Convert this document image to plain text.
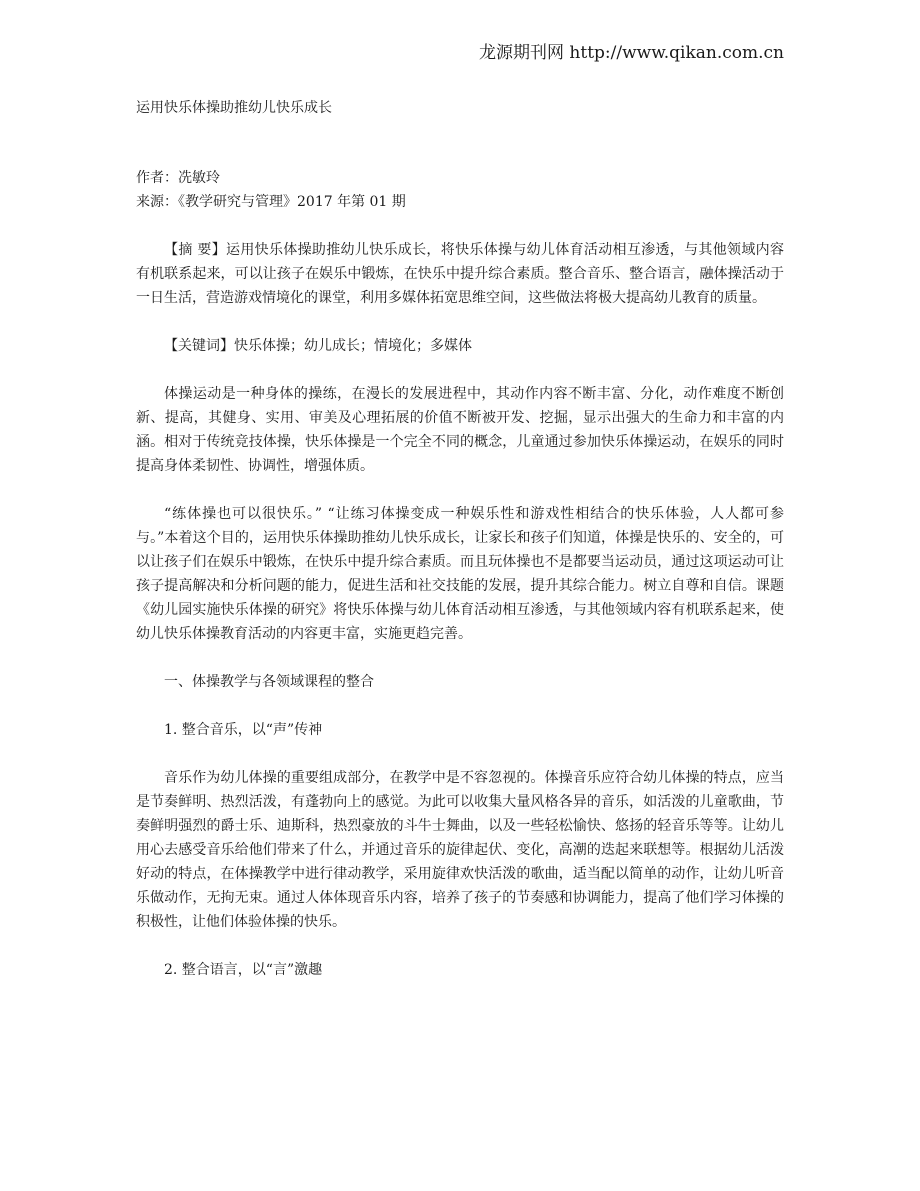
龙源期刊网 http://www.qikan.com.cn

运用快乐体操助推幼儿快乐成长

作者：冼敏玲

来源：《教学研究与管理》2017 年第 01 期

【摘 要】运用快乐体操助推幼儿快乐成长，将快乐体操与幼儿体育活动相互渗透，与其他领域内容有机联系起来，可以让孩子在娱乐中锻炼，在快乐中提升综合素质。整合音乐、整合语言，融体操活动于一日生活，营造游戏情境化的课堂，利用多媒体拓宽思维空间，这些做法将极大提高幼儿教育的质量。

【关键词】快乐体操；幼儿成长；情境化；多媒体

体操运动是一种身体的操练，在漫长的发展进程中，其动作内容不断丰富、分化，动作难度不断创新、提高，其健身、实用、审美及心理拓展的价值不断被开发、挖掘，显示出强大的生命力和丰富的内涵。相对于传统竞技体操，快乐体操是一个完全不同的概念，儿童通过参加快乐体操运动，在娱乐的同时提高身体柔韧性、协调性，增强体质。

“练体操也可以很快乐。” “让练习体操变成一种娱乐性和游戏性相结合的快乐体验，人人都可参与。”本着这个目的，运用快乐体操助推幼儿快乐成长，让家长和孩子们知道，体操是快乐的、安全的，可以让孩子们在娱乐中锻炼，在快乐中提升综合素质。而且玩体操也不是都要当运动员，通过这项运动可让孩子提高解决和分析问题的能力，促进生活和社交技能的发展，提升其综合能力。树立自尊和自信。课题《幼儿园实施快乐体操的研究》将快乐体操与幼儿体育活动相互渗透，与其他领域内容有机联系起来，使幼儿快乐体操教育活动的内容更丰富，实施更趋完善。

一、体操教学与各领域课程的整合

1. 整合音乐，以“声”传神

音乐作为幼儿体操的重要组成部分，在教学中是不容忽视的。体操音乐应符合幼儿体操的特点，应当是节奏鲜明、热烈活泼，有蓬勃向上的感觉。为此可以收集大量风格各异的音乐，如活泼的儿童歌曲，节奏鲜明强烈的爵士乐、迪斯科，热烈豪放的斗牛士舞曲，以及一些轻松愉快、悠扬的轻音乐等等。让幼儿用心去感受音乐给他们带来了什么，并通过音乐的旋律起伏、变化，高潮的迭起来联想等。根据幼儿活泼好动的特点，在体操教学中进行律动教学，采用旋律欢快活泼的歌曲，适当配以简单的动作，让幼儿听音乐做动作，无拘无束。通过人体体现音乐内容，培养了孩子的节奏感和协调能力，提高了他们学习体操的积极性，让他们体验体操的快乐。

2. 整合语言，以“言”激趣
